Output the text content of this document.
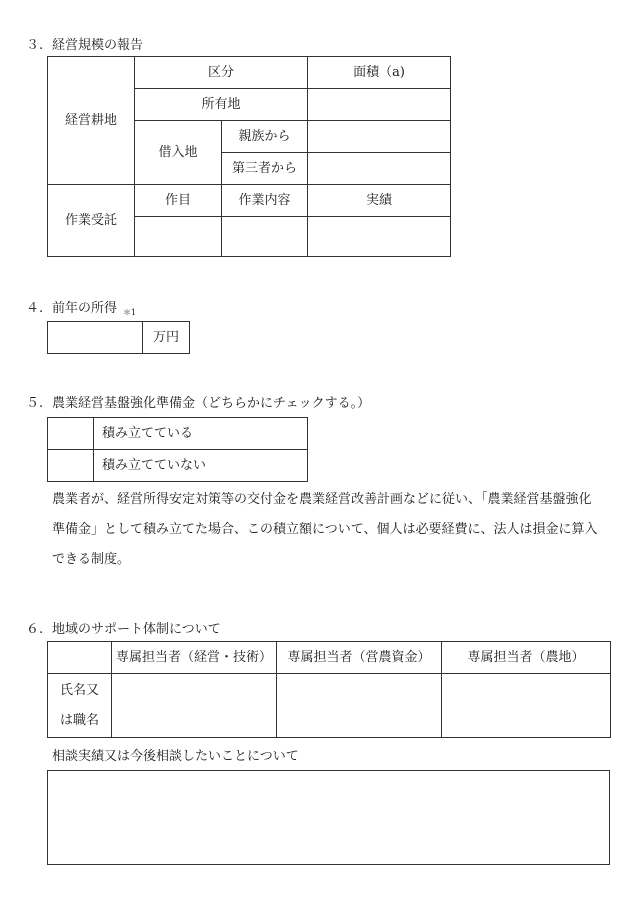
３. 経営規模の報告
経営耕地	区分		面積（a)
	所有地		
	借入地	親族から	
		第三者から	
作業受託	作目	作業内容	実績

４. 前年の所得 $^{*1}$
	万円
５. 農業経営基盤強化準備金（どちらかにチェックする。）
	積み立てている
	積み立てていない
農業者が、経営所得安定対策等の交付金を農業経営改善計画などに従い、「農業経営基盤強化
準備金」として積み立てた場合、この積立額について、個人は必要経費に、法人は損金に算入
できる制度。
６. 地域のサポート体制について
	専属担当者（経営・技術）	専属担当者（営農資金）	専属担当者（農地）

氏名又
は職名			

相談実績又は今後相談したいことについて
